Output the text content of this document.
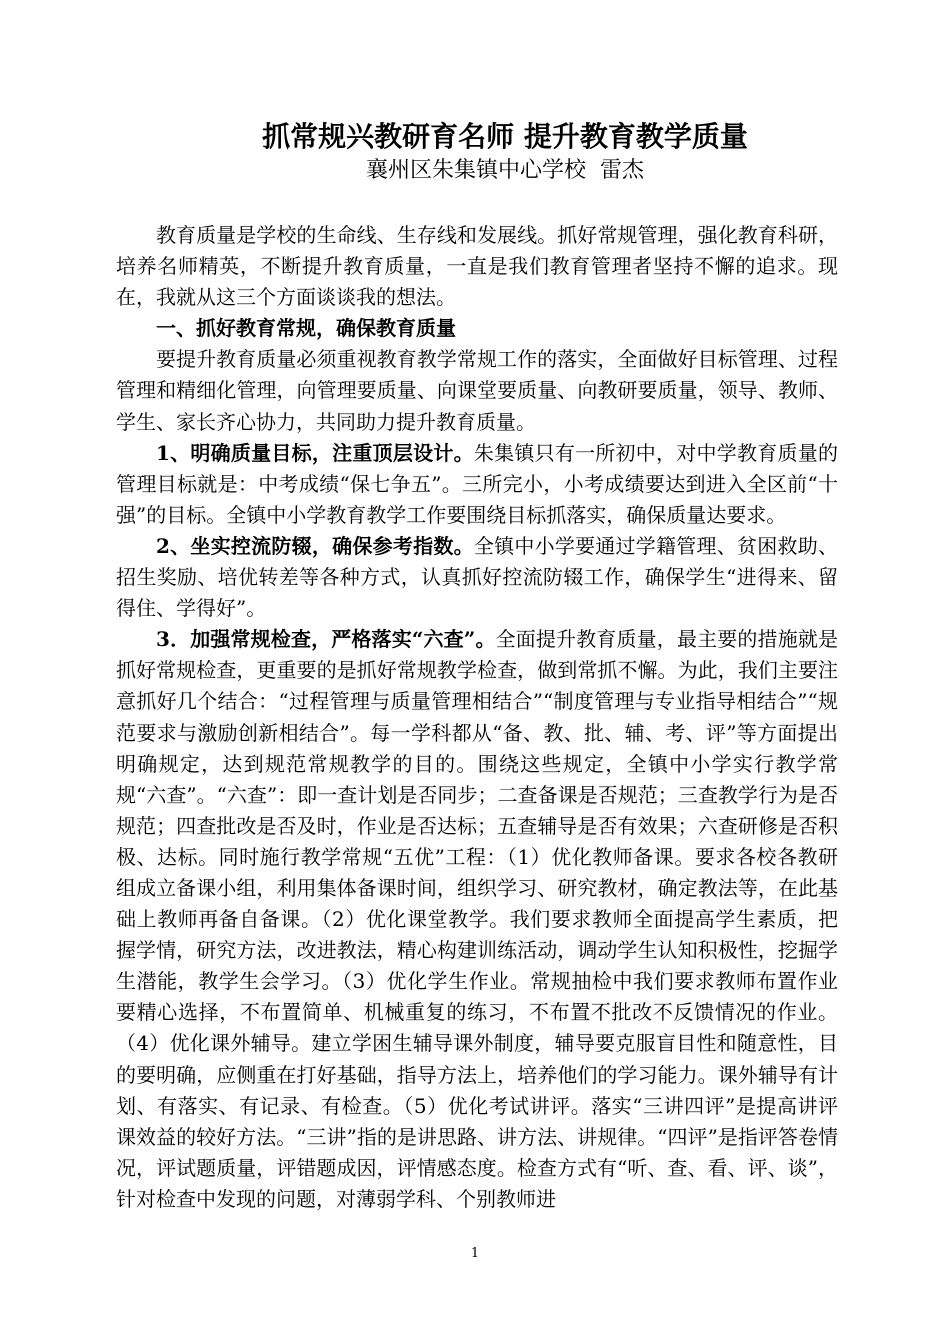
抓常规兴教研育名师 提升教育教学质量
襄州区朱集镇中心学校  雷杰

教育质量是学校的生命线、生存线和发展线。抓好常规管理，强化教育科研，培养名师精英，不断提升教育质量，一直是我们教育管理者坚持不懈的追求。现在，我就从这三个方面谈谈我的想法。

一、抓好教育常规，确保教育质量

要提升教育质量必须重视教育教学常规工作的落实，全面做好目标管理、过程管理和精细化管理，向管理要质量、向课堂要质量、向教研要质量，领导、教师、学生、家长齐心协力，共同助力提升教育质量。

1、明确质量目标，注重顶层设计。朱集镇只有一所初中，对中学教育质量的管理目标就是：中考成绩“保七争五”。三所完小，小考成绩要达到进入全区前“十强”的目标。全镇中小学教育教学工作要围绕目标抓落实，确保质量达要求。

2、坐实控流防辍，确保参考指数。全镇中小学要通过学籍管理、贫困救助、招生奖励、培优转差等各种方式，认真抓好控流防辍工作，确保学生“进得来、留得住、学得好”。

3．加强常规检查，严格落实“六查”。全面提升教育质量，最主要的措施就是抓好常规检查，更重要的是抓好常规教学检查，做到常抓不懈。为此，我们主要注意抓好几个结合：“过程管理与质量管理相结合”“制度管理与专业指导相结合”“规范要求与激励创新相结合”。每一学科都从“备、教、批、辅、考、评”等方面提出明确规定，达到规范常规教学的目的。围绕这些规定，全镇中小学实行教学常规“六查”。“六查”：即一查计划是否同步；二查备课是否规范；三查教学行为是否规范；四查批改是否及时，作业是否达标；五查辅导是否有效果；六查研修是否积极、达标。同时施行教学常规“五优”工程：（1）优化教师备课。要求各校各教研组成立备课小组，利用集体备课时间，组织学习、研究教材，确定教法等，在此基础上教师再备自备课。（2）优化课堂教学。我们要求教师全面提高学生素质，把握学情，研究方法，改进教法，精心构建训练活动，调动学生认知积极性，挖掘学生潜能，教学生会学习。（3）优化学生作业。常规抽检中我们要求教师布置作业要精心选择，不布置简单、机械重复的练习，不布置不批改不反馈情况的作业。（4）优化课外辅导。建立学困生辅导课外制度，辅导要克服盲目性和随意性，目的要明确，应侧重在打好基础，指导方法上，培养他们的学习能力。课外辅导有计划、有落实、有记录、有检查。（5）优化考试讲评。落实“三讲四评”是提高讲评课效益的较好方法。“三讲”指的是讲思路、讲方法、讲规律。“四评”是指评答卷情况，评试题质量，评错题成因，评情感态度。检查方式有“听、查、看、评、谈”，针对检查中发现的问题，对薄弱学科、个别教师进

1
